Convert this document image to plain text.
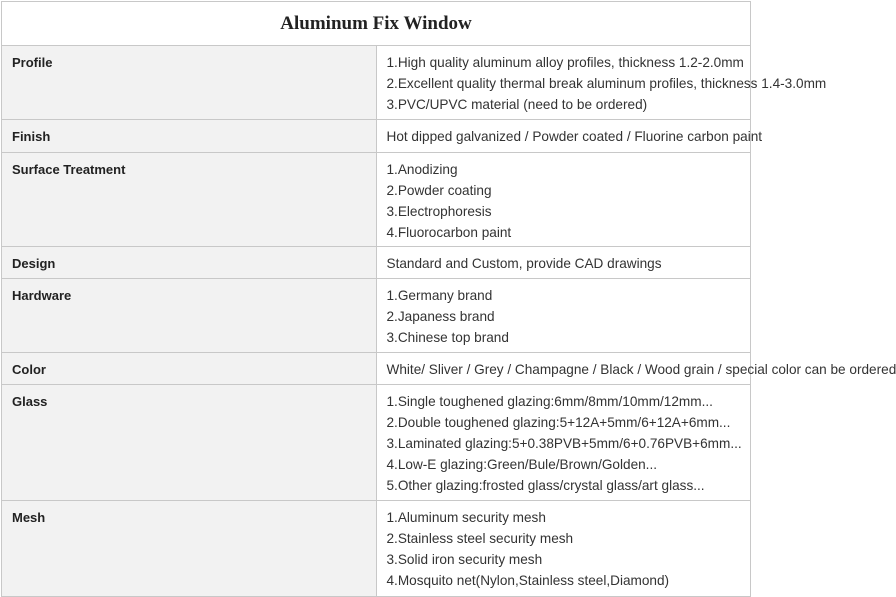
Aluminum Fix Window	
Profile	1.High quality aluminum alloy profiles, thickness 1.2-2.0mm
2.Excellent quality thermal break aluminum profiles, thickness 1.4-3.0mm
3.PVC/UPVC material (need to be ordered)

Finish	Hot dipped galvanized / Powder coated / Fluorine carbon paint

Surface Treatment	1.Anodizing
2.Powder coating
3.Electrophoresis
4.Fluorocarbon paint

Design	Standard and Custom, provide CAD drawings

Hardware	1.Germany brand
2.Japaness brand
3.Chinese top brand

Color	White/ Sliver / Grey / Champagne / Black / Wood grain / special color can be ordered

Glass	1.Single toughened glazing:6mm/8mm/10mm/12mm...
2.Double toughened glazing:5+12A+5mm/6+12A+6mm...
3.Laminated glazing:5+0.38PVB+5mm/6+0.76PVB+6mm...
4.Low-E glazing:Green/Bule/Brown/Golden...
5.Other glazing:frosted glass/crystal glass/art glass...

Mesh	1.Aluminum security mesh
2.Stainless steel security mesh
3.Solid iron security mesh
4.Mosquito net(Nylon,Stainless steel,Diamond)
